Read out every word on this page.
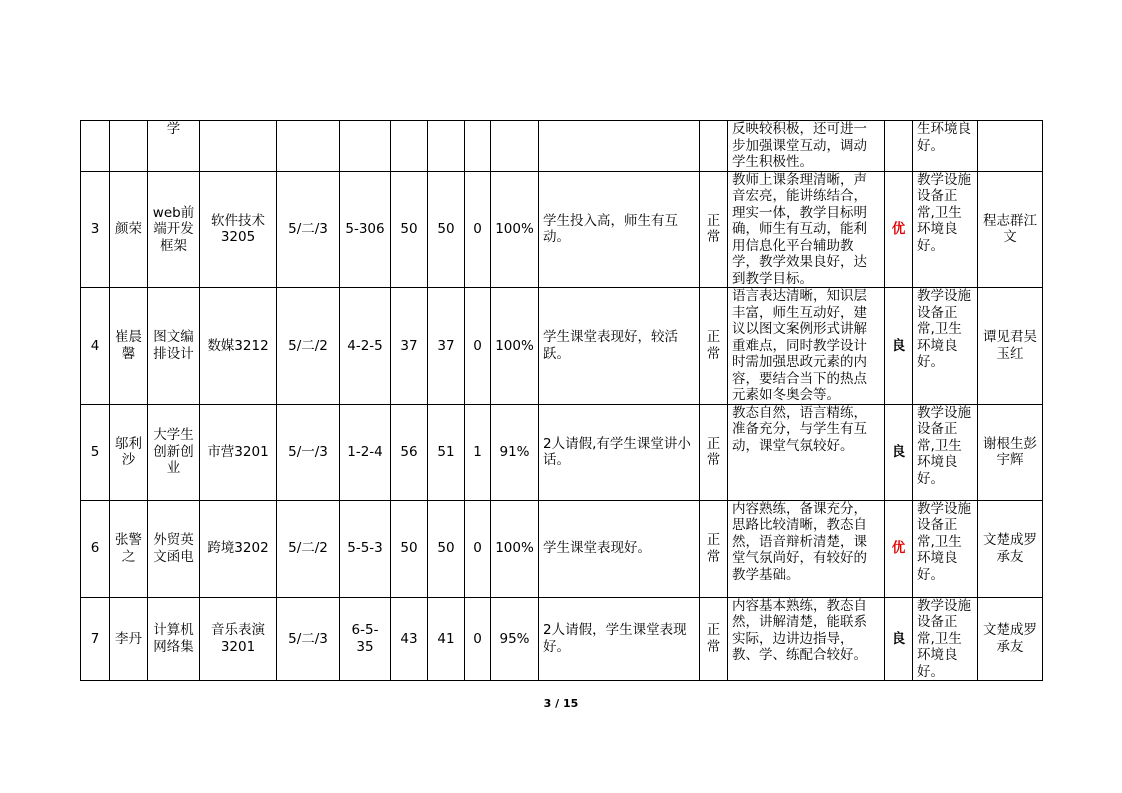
		学										反映较积极，还可进一步加强课堂互动，调动学生积极性。		生环境良好。	
3	颜荣	web前端开发框架	软件技术3205	5/二/3	5-306	50	50	0	100%	学生投入高，师生有互动。	正常	教师上课条理清晰，声音宏亮，能讲练结合，理实一体，教学目标明确，师生有互动，能利用信息化平台辅助教学，教学效果良好，达到教学目标。	优	教学设施设备正常,卫生环境良好。	程志群江文
4	崔晨馨	图文编排设计	数媒3212	5/二/2	4-2-5	37	37	0	100%	学生课堂表现好，较活跃。	正常	语言表达清晰，知识层丰富，师生互动好，建议以图文案例形式讲解重难点，同时教学设计时需加强思政元素的内容，要结合当下的热点元素如冬奥会等。	良	教学设施设备正常,卫生环境良好。	谭见君吴玉红
5	邬利沙	大学生创新创业	市营3201	5/一/3	1-2-4	56	51	1	91%	2人请假,有学生课堂讲小话。	正常	教态自然，语言精练，准备充分，与学生有互动，课堂气氛较好。	良	教学设施设备正常,卫生环境良好。	谢根生彭宇辉
6	张警之	外贸英文函电	跨境3202	5/二/2	5-5-3	50	50	0	100%	学生课堂表现好。	正常	内容熟练，备课充分，思路比较清晰，教态自然，语音辩析清楚，课堂气氛尚好，有较好的教学基础。	优	教学设施设备正常,卫生环境良好。	文楚成罗承友
7	李丹	计算机网络集	音乐表演3201	5/二/3	6-5-35	43	41	0	95%	2人请假，学生课堂表现好。	正常	内容基本熟练，教态自然，讲解清楚，能联系实际，边讲边指导，教、学、练配合较好。	良	教学设施设备正常,卫生环境良好。	文楚成罗承友
3 / 15
